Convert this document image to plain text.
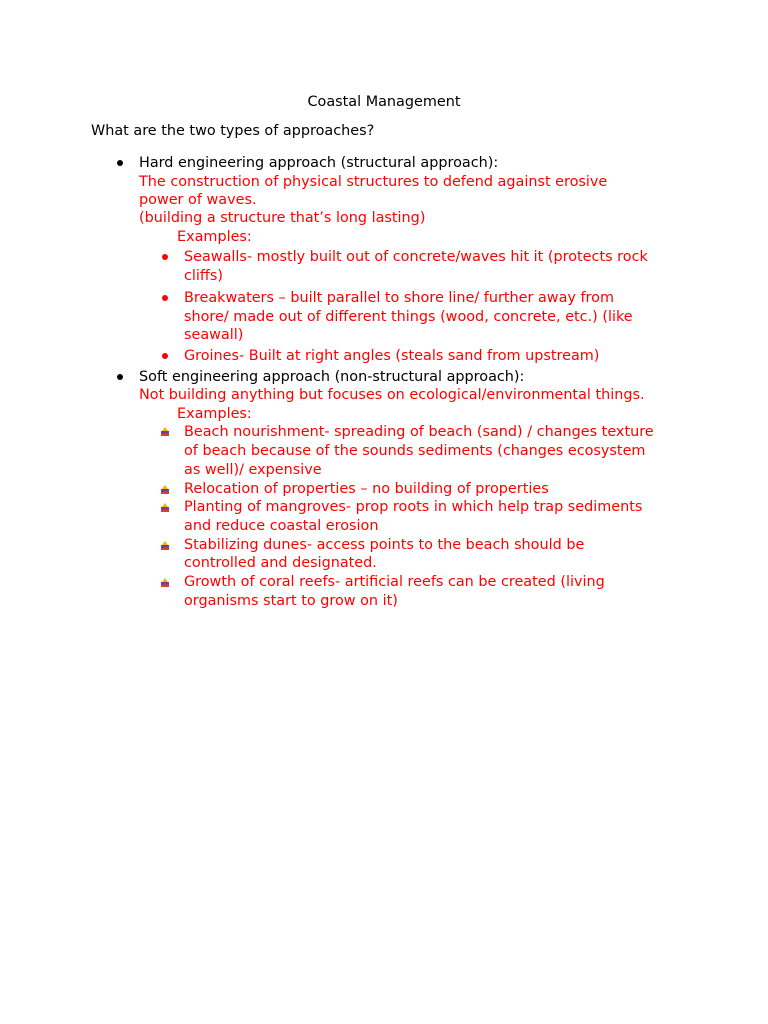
Coastal Management
What are the two types of approaches?
Hard engineering approach (structural approach):
The construction of physical structures to defend against erosive
power of waves.
(building a structure that’s long lasting)
Examples:
Seawalls- mostly built out of concrete/waves hit it (protects rock
cliffs)
Breakwaters – built parallel to shore line/ further away from
shore/ made out of different things (wood, concrete, etc.) (like
seawall)
Groines- Built at right angles (steals sand from upstream)
Soft engineering approach (non-structural approach):
Not building anything but focuses on ecological/environmental things.
Examples:
Beach nourishment- spreading of beach (sand) / changes texture
of beach because of the sounds sediments (changes ecosystem
as well)/ expensive
Relocation of properties – no building of properties
Planting of mangroves- prop roots in which help trap sediments
and reduce coastal erosion
Stabilizing dunes- access points to the beach should be
controlled and designated.
Growth of coral reefs- artificial reefs can be created (living
organisms start to grow on it)
